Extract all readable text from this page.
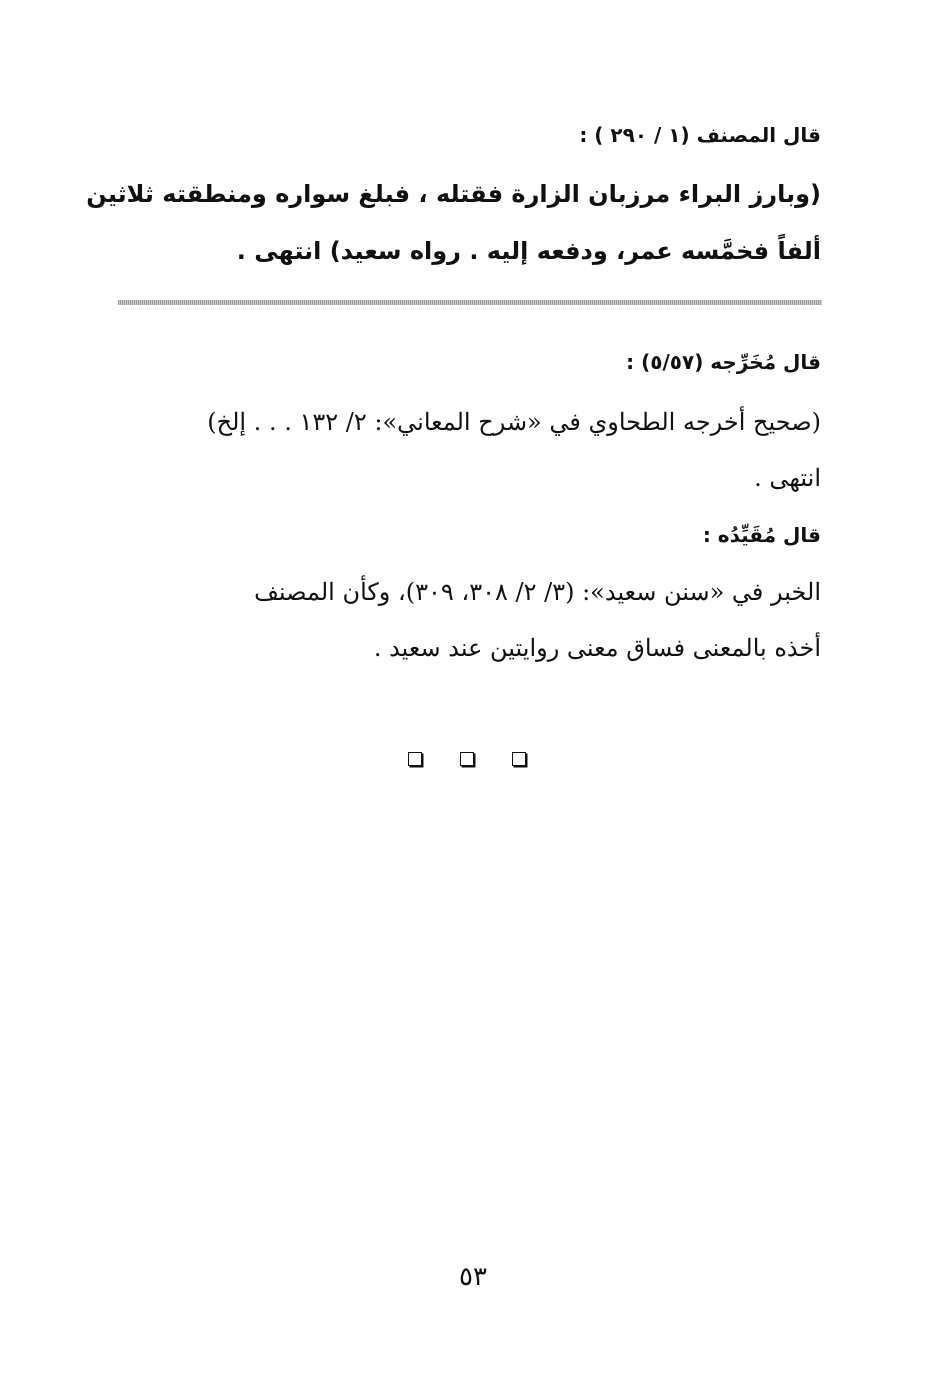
قال المصنف (١ / ٢٩٠ ) :
(وبارز البراء مرزبان الزارة فقتله ، فبلغ سواره ومنطقته ثلاثين
ألفاً فخمَّسه عمر، ودفعه إليه . رواه سعيد) انتهى .
قال مُخَرِّجه (٥/٥٧) :
(صحيح أخرجه الطحاوي في «شرح المعاني»: ٢/ ١٣٢ . . . إلخ)
انتهى .
قال مُقَيِّدُه :
الخبر في «سنن سعيد»: (٣/ ٢/ ٣٠٨، ٣٠٩)، وكأن المصنف
أخذه بالمعنى فساق معنى روايتين عند سعيد .
٥٣
